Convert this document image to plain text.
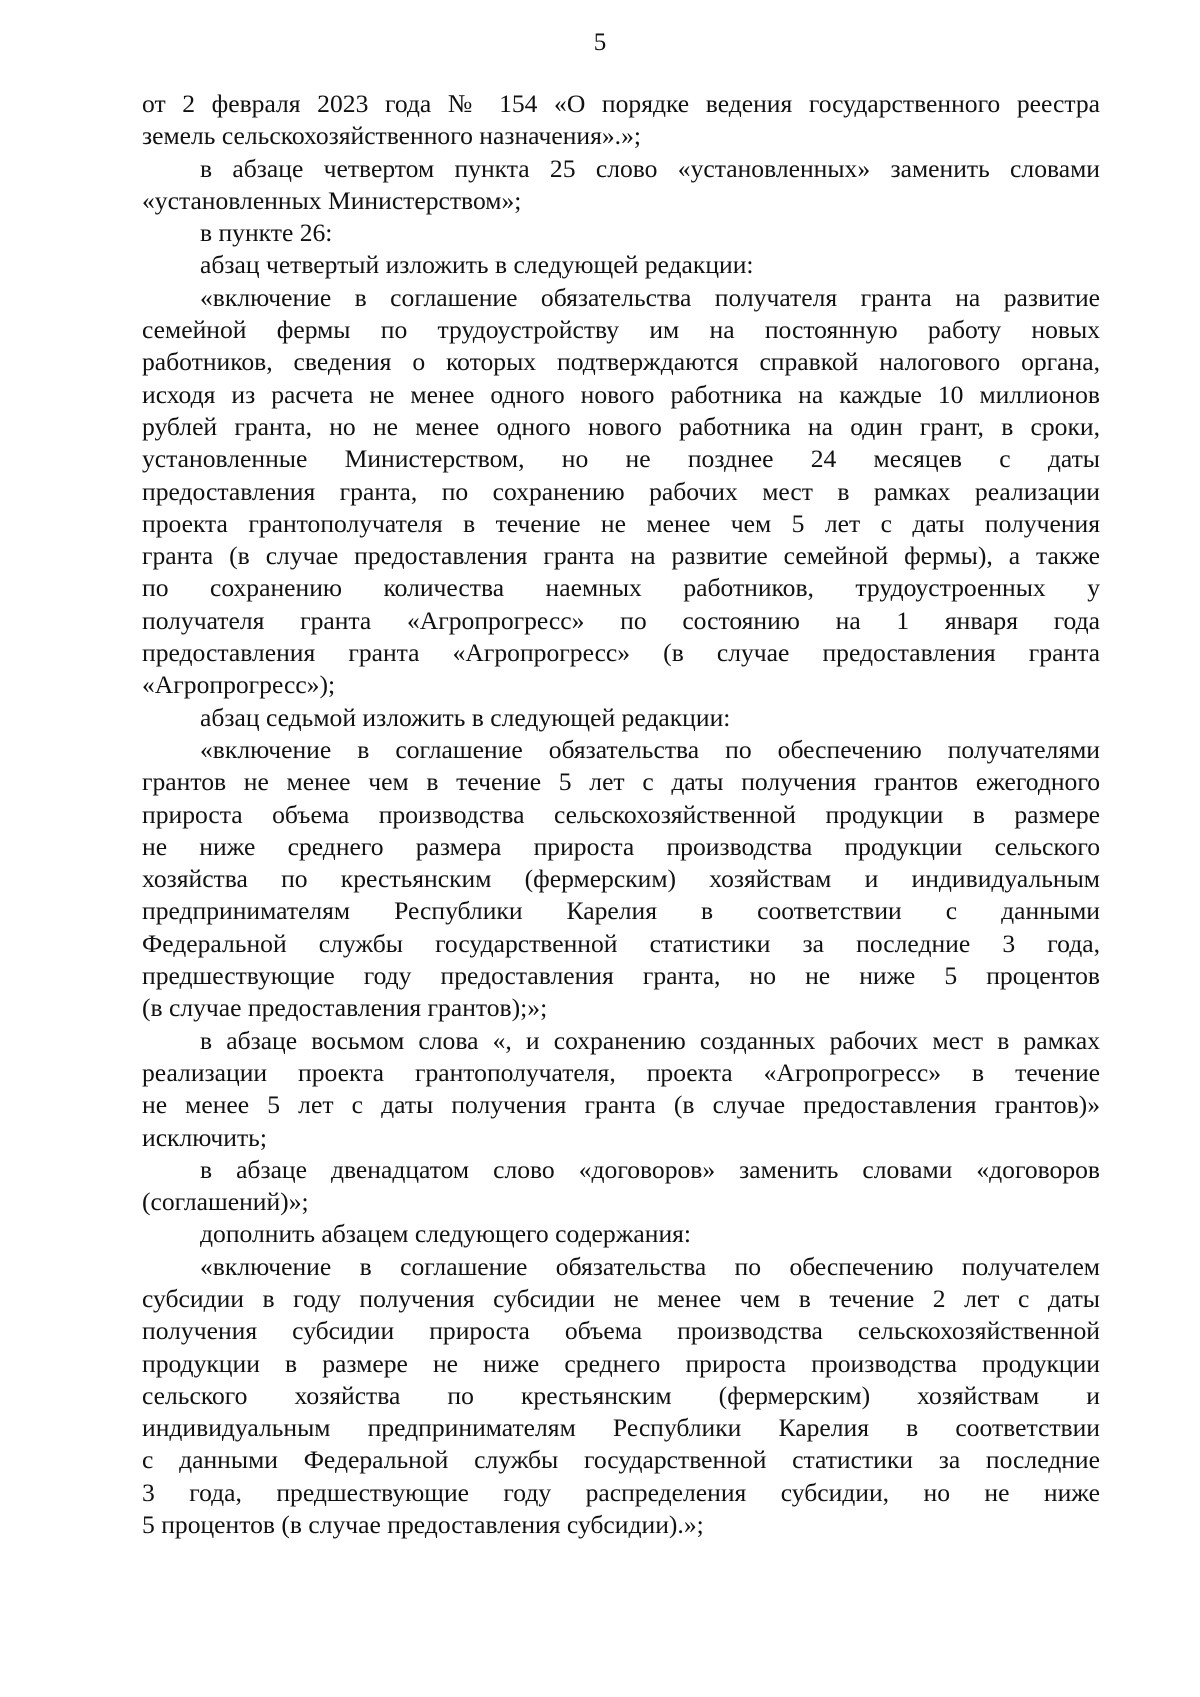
5
от 2 февраля 2023 года № 154 «О порядке ведения государственного реестра
земель сельскохозяйственного назначения».»;
в абзаце четвертом пункта 25 слово «установленных» заменить словами
«установленных Министерством»;
в пункте 26:
абзац четвертый изложить в следующей редакции:
«включение в соглашение обязательства получателя гранта на развитие
семейной фермы по трудоустройству им на постоянную работу новых
работников, сведения о которых подтверждаются справкой налогового органа,
исходя из расчета не менее одного нового работника на каждые 10 миллионов
рублей гранта, но не менее одного нового работника на один грант, в сроки,
установленные Министерством, но не позднее 24 месяцев с даты
предоставления гранта, по сохранению рабочих мест в рамках реализации
проекта грантополучателя в течение не менее чем 5 лет с даты получения
гранта (в случае предоставления гранта на развитие семейной фермы), а также
по сохранению количества наемных работников, трудоустроенных у
получателя гранта «Агропрогресс» по состоянию на 1 января года
предоставления гранта «Агропрогресс» (в случае предоставления гранта
«Агропрогресс»);
абзац седьмой изложить в следующей редакции:
«включение в соглашение обязательства по обеспечению получателями
грантов не менее чем в течение 5 лет с даты получения грантов ежегодного
прироста объема производства сельскохозяйственной продукции в размере
не ниже среднего размера прироста производства продукции сельского
хозяйства по крестьянским (фермерским) хозяйствам и индивидуальным
предпринимателям Республики Карелия в соответствии с данными
Федеральной службы государственной статистики за последние 3 года,
предшествующие году предоставления гранта, но не ниже 5 процентов
(в случае предоставления грантов);»;
в абзаце восьмом слова «, и сохранению созданных рабочих мест в рамках
реализации проекта грантополучателя, проекта «Агропрогресс» в течение
не менее 5 лет с даты получения гранта (в случае предоставления грантов)»
исключить;
в абзаце двенадцатом слово «договоров» заменить словами «договоров
(соглашений)»;
дополнить абзацем следующего содержания:
«включение в соглашение обязательства по обеспечению получателем
субсидии в году получения субсидии не менее чем в течение 2 лет с даты
получения субсидии прироста объема производства сельскохозяйственной
продукции в размере не ниже среднего прироста производства продукции
сельского хозяйства по крестьянским (фермерским) хозяйствам и
индивидуальным предпринимателям Республики Карелия в соответствии
с данными Федеральной службы государственной статистики за последние
3 года, предшествующие году распределения субсидии, но не ниже
5 процентов (в случае предоставления субсидии).»;
